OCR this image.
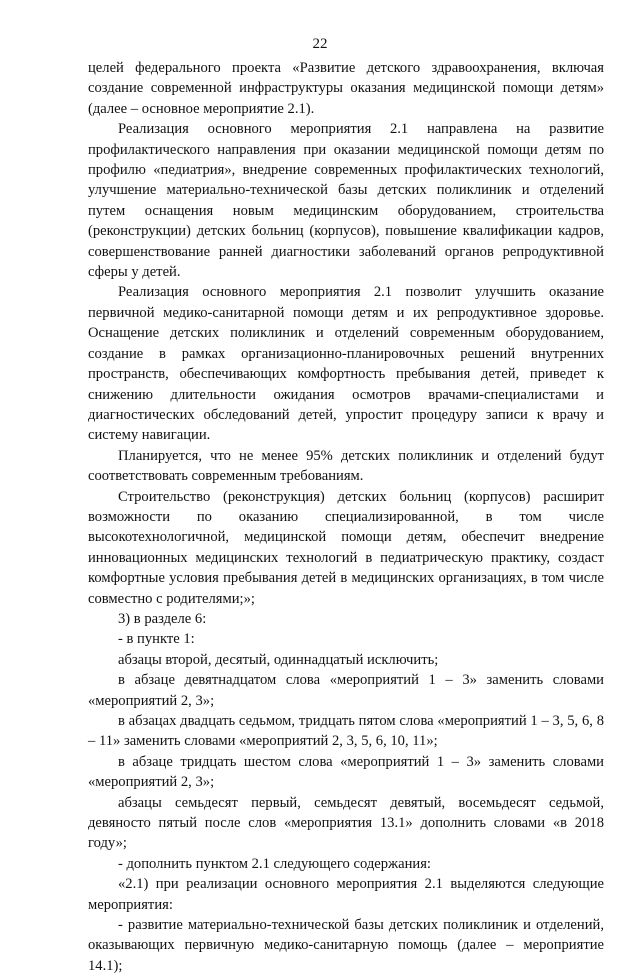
22

целей федерального проекта «Развитие детского здравоохранения, включая создание современной инфраструктуры оказания медицинской помощи детям» (далее – основное мероприятие 2.1).

Реализация основного мероприятия 2.1 направлена на развитие профилактического направления при оказании медицинской помощи детям по профилю «педиатрия», внедрение современных профилактических технологий, улучшение материально-технической базы детских поликлиник и отделений путем оснащения новым медицинским оборудованием, строительства (реконструкции) детских больниц (корпусов), повышение квалификации кадров, совершенствование ранней диагностики заболеваний органов репродуктивной сферы у детей.

Реализация основного мероприятия 2.1 позволит улучшить оказание первичной медико-санитарной помощи детям и их репродуктивное здоровье. Оснащение детских поликлиник и отделений современным оборудованием, создание в рамках организационно-планировочных решений внутренних пространств, обеспечивающих комфортность пребывания детей, приведет к снижению длительности ожидания осмотров врачами-специалистами и диагностических обследований детей, упростит процедуру записи к врачу и систему навигации.

Планируется, что не менее 95% детских поликлиник и отделений будут соответствовать современным требованиям.

Строительство (реконструкция) детских больниц (корпусов) расширит возможности по оказанию специализированной, в том числе высокотехнологичной, медицинской помощи детям, обеспечит внедрение инновационных медицинских технологий в педиатрическую практику, создаст комфортные условия пребывания детей в медицинских организациях, в том числе совместно с родителями;»;

3) в разделе 6:

- в пункте 1:

абзацы второй, десятый, одиннадцатый исключить;

в абзаце девятнадцатом слова «мероприятий 1 – 3» заменить словами «мероприятий 2, 3»;

в абзацах двадцать седьмом, тридцать пятом слова «мероприятий 1 – 3, 5, 6, 8 – 11» заменить словами «мероприятий 2, 3, 5, 6, 10, 11»;

в абзаце тридцать шестом слова «мероприятий 1 – 3» заменить словами «мероприятий 2, 3»;

абзацы семьдесят первый, семьдесят девятый, восемьдесят седьмой, девяносто пятый после слов «мероприятия 13.1» дополнить словами «в 2018 году»;

- дополнить пунктом 2.1 следующего содержания:

«2.1) при реализации основного мероприятия 2.1 выделяются следующие мероприятия:

- развитие материально-технической базы детских поликлиник и отделений, оказывающих первичную медико-санитарную помощь (далее – мероприятие 14.1);
